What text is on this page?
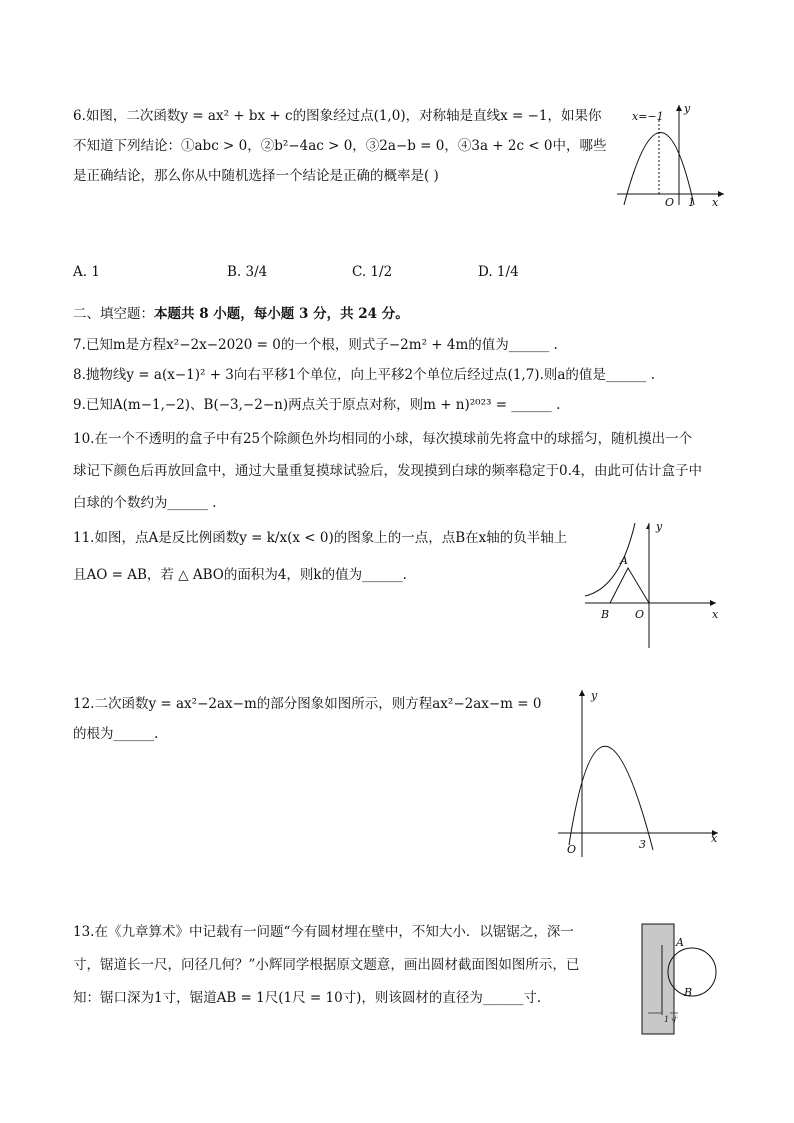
6.如图，二次函数y = ax² + bx + c的图象经过点(1,0)，对称轴是直线x = −1，如果你
不知道下列结论：①abc > 0，②b²−4ac > 0，③2a−b = 0，④3a + 2c < 0中，哪些
是正确结论，那么你从中随机选择一个结论是正确的概率是( )
x=−1
y
x
O 1
A. 1	B. 3/4	C. 1/2	D. 1/4
二、填空题：本题共 8 小题，每小题 3 分，共 24 分。
7.已知m是方程x²−2x−2020 = 0的一个根，则式子−2m² + 4m的值为______ .
8.抛物线y = a(x−1)² + 3向右平移1个单位，向上平移2个单位后经过点(1,7).则a的值是______ .
9.已知A(m−1,−2)、B(−3,−2−n)两点关于原点对称，则m + n)²⁰²³ = ______ .
10.在一个不透明的盒子中有25个除颜色外均相同的小球，每次摸球前先将盒中的球摇匀，随机摸出一个
球记下颜色后再放回盒中，通过大量重复摸球试验后，发现摸到白球的频率稳定于0.4，由此可估计盒子中
白球的个数约为______ .
11.如图，点A是反比例函数y = k/x(x < 0)的图象上的一点，点B在x轴的负半轴上
且AO = AB，若 △ ABO的面积为4，则k的值为______.
y
x
A
B O
12.二次函数y = ax²−2ax−m的部分图象如图所示，则方程ax²−2ax−m = 0
的根为______.
y
x
O	3
13.在《九章算术》中记载有一问题“今有圆材埋在壁中，不知大小．以锯锯之，深一
寸，锯道长一尺，问径几何？”小辉同学根据原文题意，画出圆材截面图如图所示，已
知：锯口深为1寸，锯道AB = 1尺(1尺 = 10寸)，则该圆材的直径为______寸.
A
B
1寸
